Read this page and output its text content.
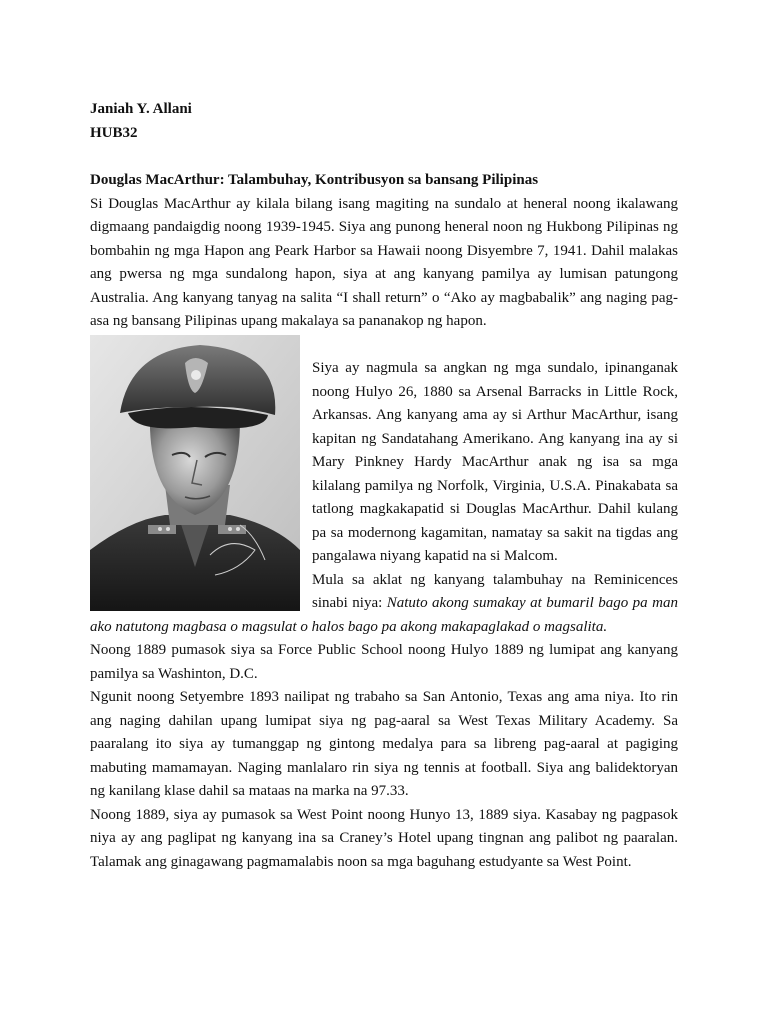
Janiah Y. Allani
HUB32
Douglas MacArthur: Talambuhay, Kontribusyon sa bansang Pilipinas

Si Douglas MacArthur ay kilala bilang isang magiting na sundalo at heneral noong ikalawang digmaang pandaigdig noong 1939-1945. Siya ang punong heneral noon ng Hukbong Pilipinas ng bombahin ng mga Hapon ang Peark Harbor sa Hawaii noong Disyembre 7, 1941. Dahil malakas ang pwersa ng mga sundalong hapon, siya at ang kanyang pamilya ay lumisan patungong Australia. Ang kanyang tanyag na salita “I shall return” o “Ako ay magbabalik” ang naging pag-asa ng bansang Pilipinas upang makalaya sa pananakop ng hapon.

Siya ay nagmula sa angkan ng mga sundalo, ipinanganak noong Hulyo 26, 1880 sa Arsenal Barracks in Little Rock, Arkansas. Ang kanyang ama ay si Arthur MacArthur, isang kapitan ng Sandatahang Amerikano. Ang kanyang ina ay si Mary Pinkney Hardy MacArthur anak ng isa sa mga kilalang pamilya ng Norfolk, Virginia, U.S.A. Pinakabata sa tatlong magkakapatid si Douglas MacArthur. Dahil kulang pa sa modernong kagamitan, namatay sa sakit na tigdas ang pangalawa niyang kapatid na si Malcom.

Mula sa aklat ng kanyang talambuhay na Reminicences sinabi niya: Natuto akong sumakay at bumaril bago pa man ako natutong magbasa o magsulat o halos bago pa akong makapaglakad o magsalita.

Noong 1889 pumasok siya sa Force Public School noong Hulyo 1889 ng lumipat ang kanyang pamilya sa Washinton, D.C.

Ngunit noong Setyembre 1893 nailipat ng trabaho sa San Antonio, Texas ang ama niya. Ito rin ang naging dahilan upang lumipat siya ng pag-aaral sa West Texas Military Academy. Sa paaralang ito siya ay tumanggap ng gintong medalya para sa libreng pag-aaral at pagiging mabuting mamamayan. Naging manlalaro rin siya ng tennis at football. Siya ang balidektoryan ng kanilang klase dahil sa mataas na marka na 97.33.

Noong 1889, siya ay pumasok sa West Point noong Hunyo 13, 1889 siya. Kasabay ng pagpasok niya ay ang paglipat ng kanyang ina sa Craney’s Hotel upang tingnan ang palibot ng paaralan. Talamak ang ginagawang pagmamalabis noon sa mga baguhang estudyante sa West Point.
